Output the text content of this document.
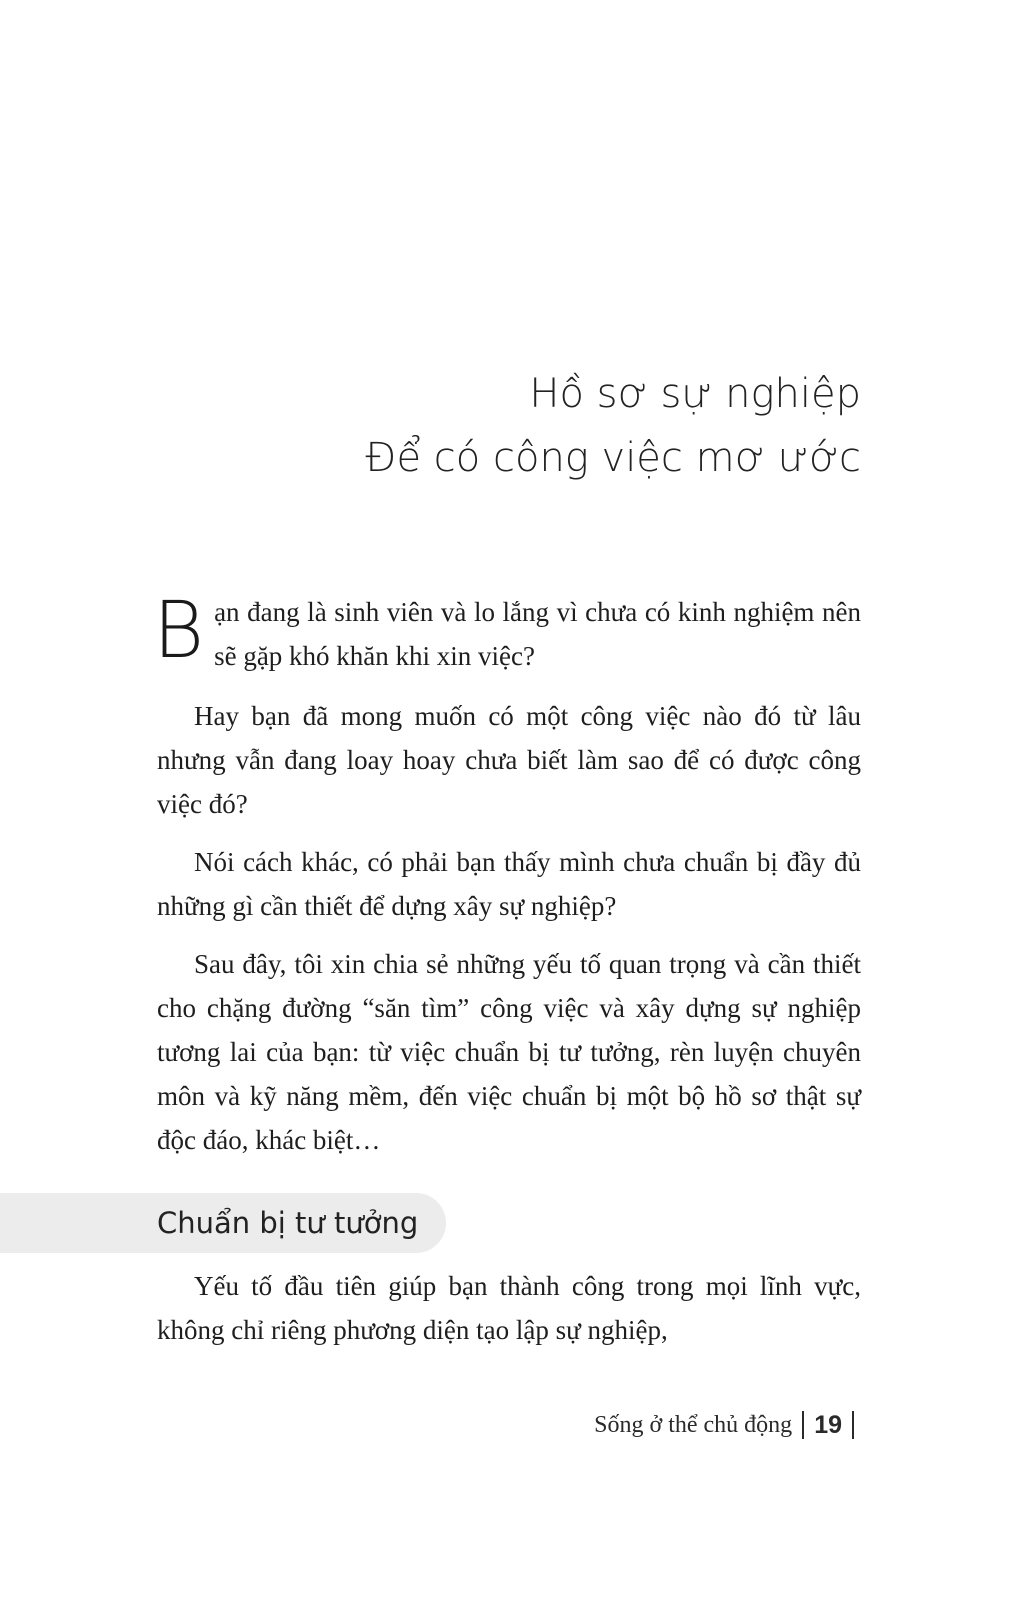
Hồ sơ sự nghiệp
Để có công việc mơ ước
Bạn đang là sinh viên và lo lắng vì chưa có kinh nghiệm nên sẽ gặp khó khăn khi xin việc?
Hay bạn đã mong muốn có một công việc nào đó từ lâu nhưng vẫn đang loay hoay chưa biết làm sao để có được công việc đó?
Nói cách khác, có phải bạn thấy mình chưa chuẩn bị đầy đủ những gì cần thiết để dựng xây sự nghiệp?
Sau đây, tôi xin chia sẻ những yếu tố quan trọng và cần thiết cho chặng đường “săn tìm” công việc và xây dựng sự nghiệp tương lai của bạn: từ việc chuẩn bị tư tưởng, rèn luyện chuyên môn và kỹ năng mềm, đến việc chuẩn bị một bộ hồ sơ thật sự độc đáo, khác biệt…
Chuẩn bị tư tưởng
Yếu tố đầu tiên giúp bạn thành công trong mọi lĩnh vực, không chỉ riêng phương diện tạo lập sự nghiệp,
Sống ở thể chủ động 19
